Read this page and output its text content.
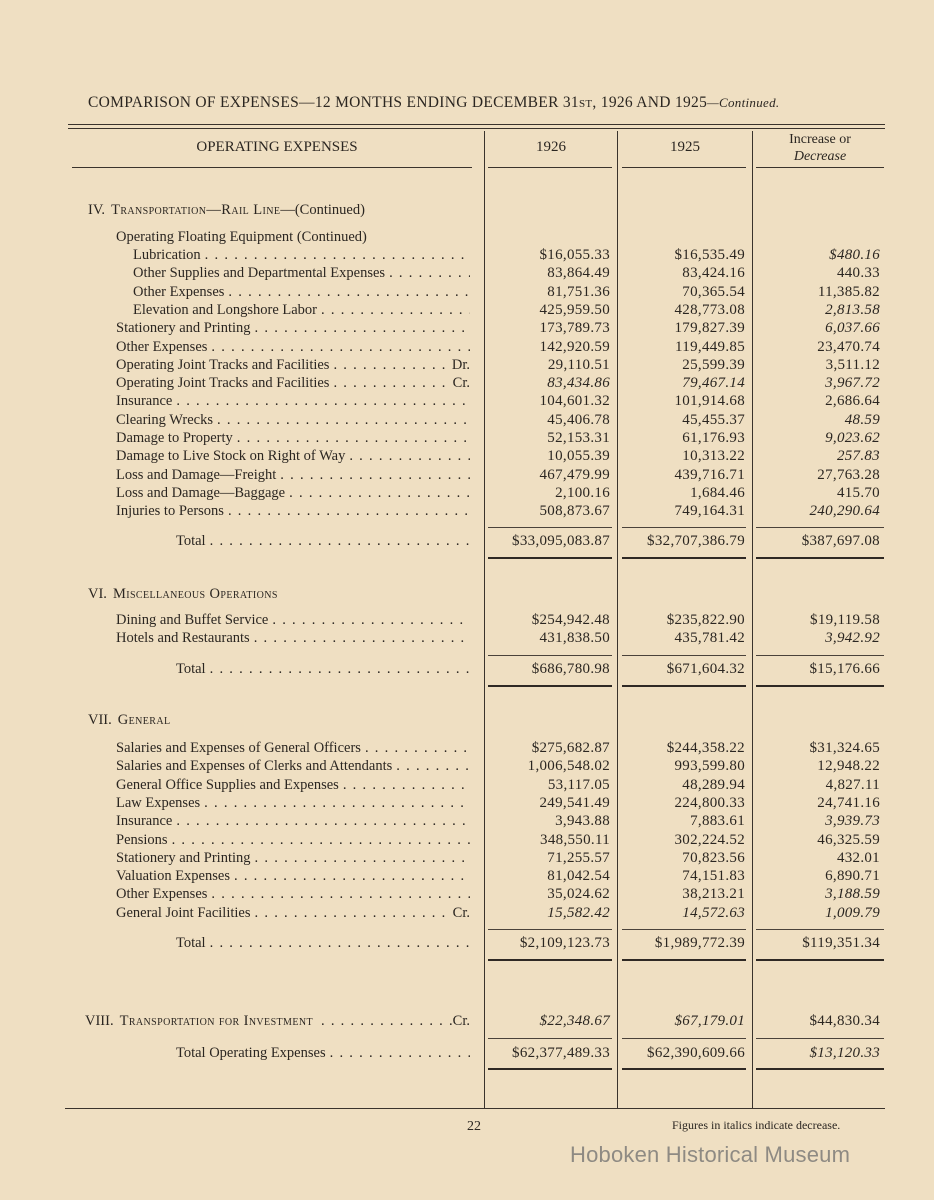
COMPARISON OF EXPENSES—12 MONTHS ENDING DECEMBER 31ST, 1926 AND 1925—Continued.
OPERATING EXPENSES	1926	1925	Increase or
Decrease
IV. Transportation—Rail Line —(Continued)
Operating Floating Equipment (Continued)
Lubrication . . .	$16,055.33	$16,535.49	$480.16
Other Supplies and Departmental Expenses . . .	83,864.49	83,424.16	440.33
Other Expenses . . .	81,751.36	70,365.54	11,385.82
Elevation and Longshore Labor . . .	425,959.50	428,773.08	2,813.58
Stationery and Printing . . .	173,789.73	179,827.39	6,037.66
Other Expenses . . .	142,920.59	119,449.85	23,470.74
Operating Joint Tracks and Facilities . . .	Dr.	29,110.51	25,599.39	3,511.12
Operating Joint Tracks and Facilities . . .	Cr.	83,434.86	79,467.14	3,967.72
Insurance . . .	104,601.32	101,914.68	2,686.64
Clearing Wrecks . . .	45,406.78	45,455.37	48.59
Damage to Property . . .	52,153.31	61,176.93	9,023.62
Damage to Live Stock on Right of Way . . .	10,055.39	10,313.22	257.83
Loss and Damage—Freight . . .	467,479.99	439,716.71	27,763.28
Loss and Damage—Baggage . . .	2,100.16	1,684.46	415.70
Injuries to Persons . . .	508,873.67	749,164.31	240,290.64
Total . . .	$33,095,083.87	$32,707,386.79	$387,697.08
VI. Miscellaneous Operations
Dining and Buffet Service . . .	$254,942.48	$235,822.90	$19,119.58
Hotels and Restaurants . . .	431,838.50	435,781.42	3,942.92
Total . . .	$686,780.98	$671,604.32	$15,176.66
VII. General
Salaries and Expenses of General Officers . . .	$275,682.87	$244,358.22	$31,324.65
Salaries and Expenses of Clerks and Attendants . . .	1,006,548.02	993,599.80	12,948.22
General Office Supplies and Expenses . . .	53,117.05	48,289.94	4,827.11
Law Expenses . . .	249,541.49	224,800.33	24,741.16
Insurance . . .	3,943.88	7,883.61	3,939.73
Pensions . . .	348,550.11	302,224.52	46,325.59
Stationery and Printing . . .	71,255.57	70,823.56	432.01
Valuation Expenses . . .	81,042.54	74,151.83	6,890.71
Other Expenses . . .	35,024.62	38,213.21	3,188.59
General Joint Facilities . . .	Cr.	15,582.42	14,572.63	1,009.79
Total . . .	$2,109,123.73	$1,989,772.39	$119,351.34
VIII. Transportation for Investment . . .	Cr.	$22,348.67	$67,179.01	$44,830.34
Total Operating Expenses . . .	$62,377,489.33	$62,390,609.66	$13,120.33
22	Figures in italics indicate decrease.
Hoboken Historical Museum
